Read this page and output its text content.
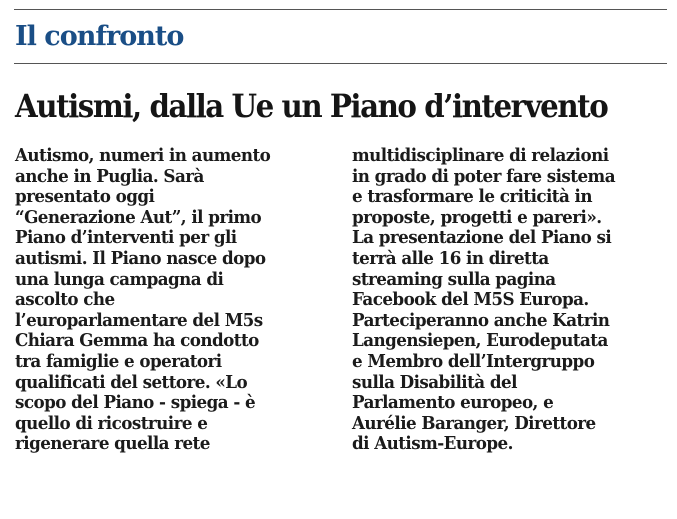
Il confronto
Autismi, dalla Ue un Piano d’intervento
Autismo, numeri in aumento
anche in Puglia. Sarà
presentato oggi
“Generazione Aut”, il primo
Piano d’interventi per gli
autismi. Il Piano nasce dopo
una lunga campagna di
ascolto che
l’europarlamentare del M5s
Chiara Gemma ha condotto
tra famiglie e operatori
qualificati del settore. «Lo
scopo del Piano - spiega - è
quello di ricostruire e
rigenerare quella rete
multidisciplinare di relazioni
in grado di poter fare sistema
e trasformare le criticità in
proposte, progetti e pareri».
La presentazione del Piano si
terrà alle 16 in diretta
streaming sulla pagina
Facebook del M5S Europa.
Parteciperanno anche Katrin
Langensiepen, Eurodeputata
e Membro dell’Intergruppo
sulla Disabilità del
Parlamento europeo, e
Aurélie Baranger, Direttore
di Autism-Europe.
